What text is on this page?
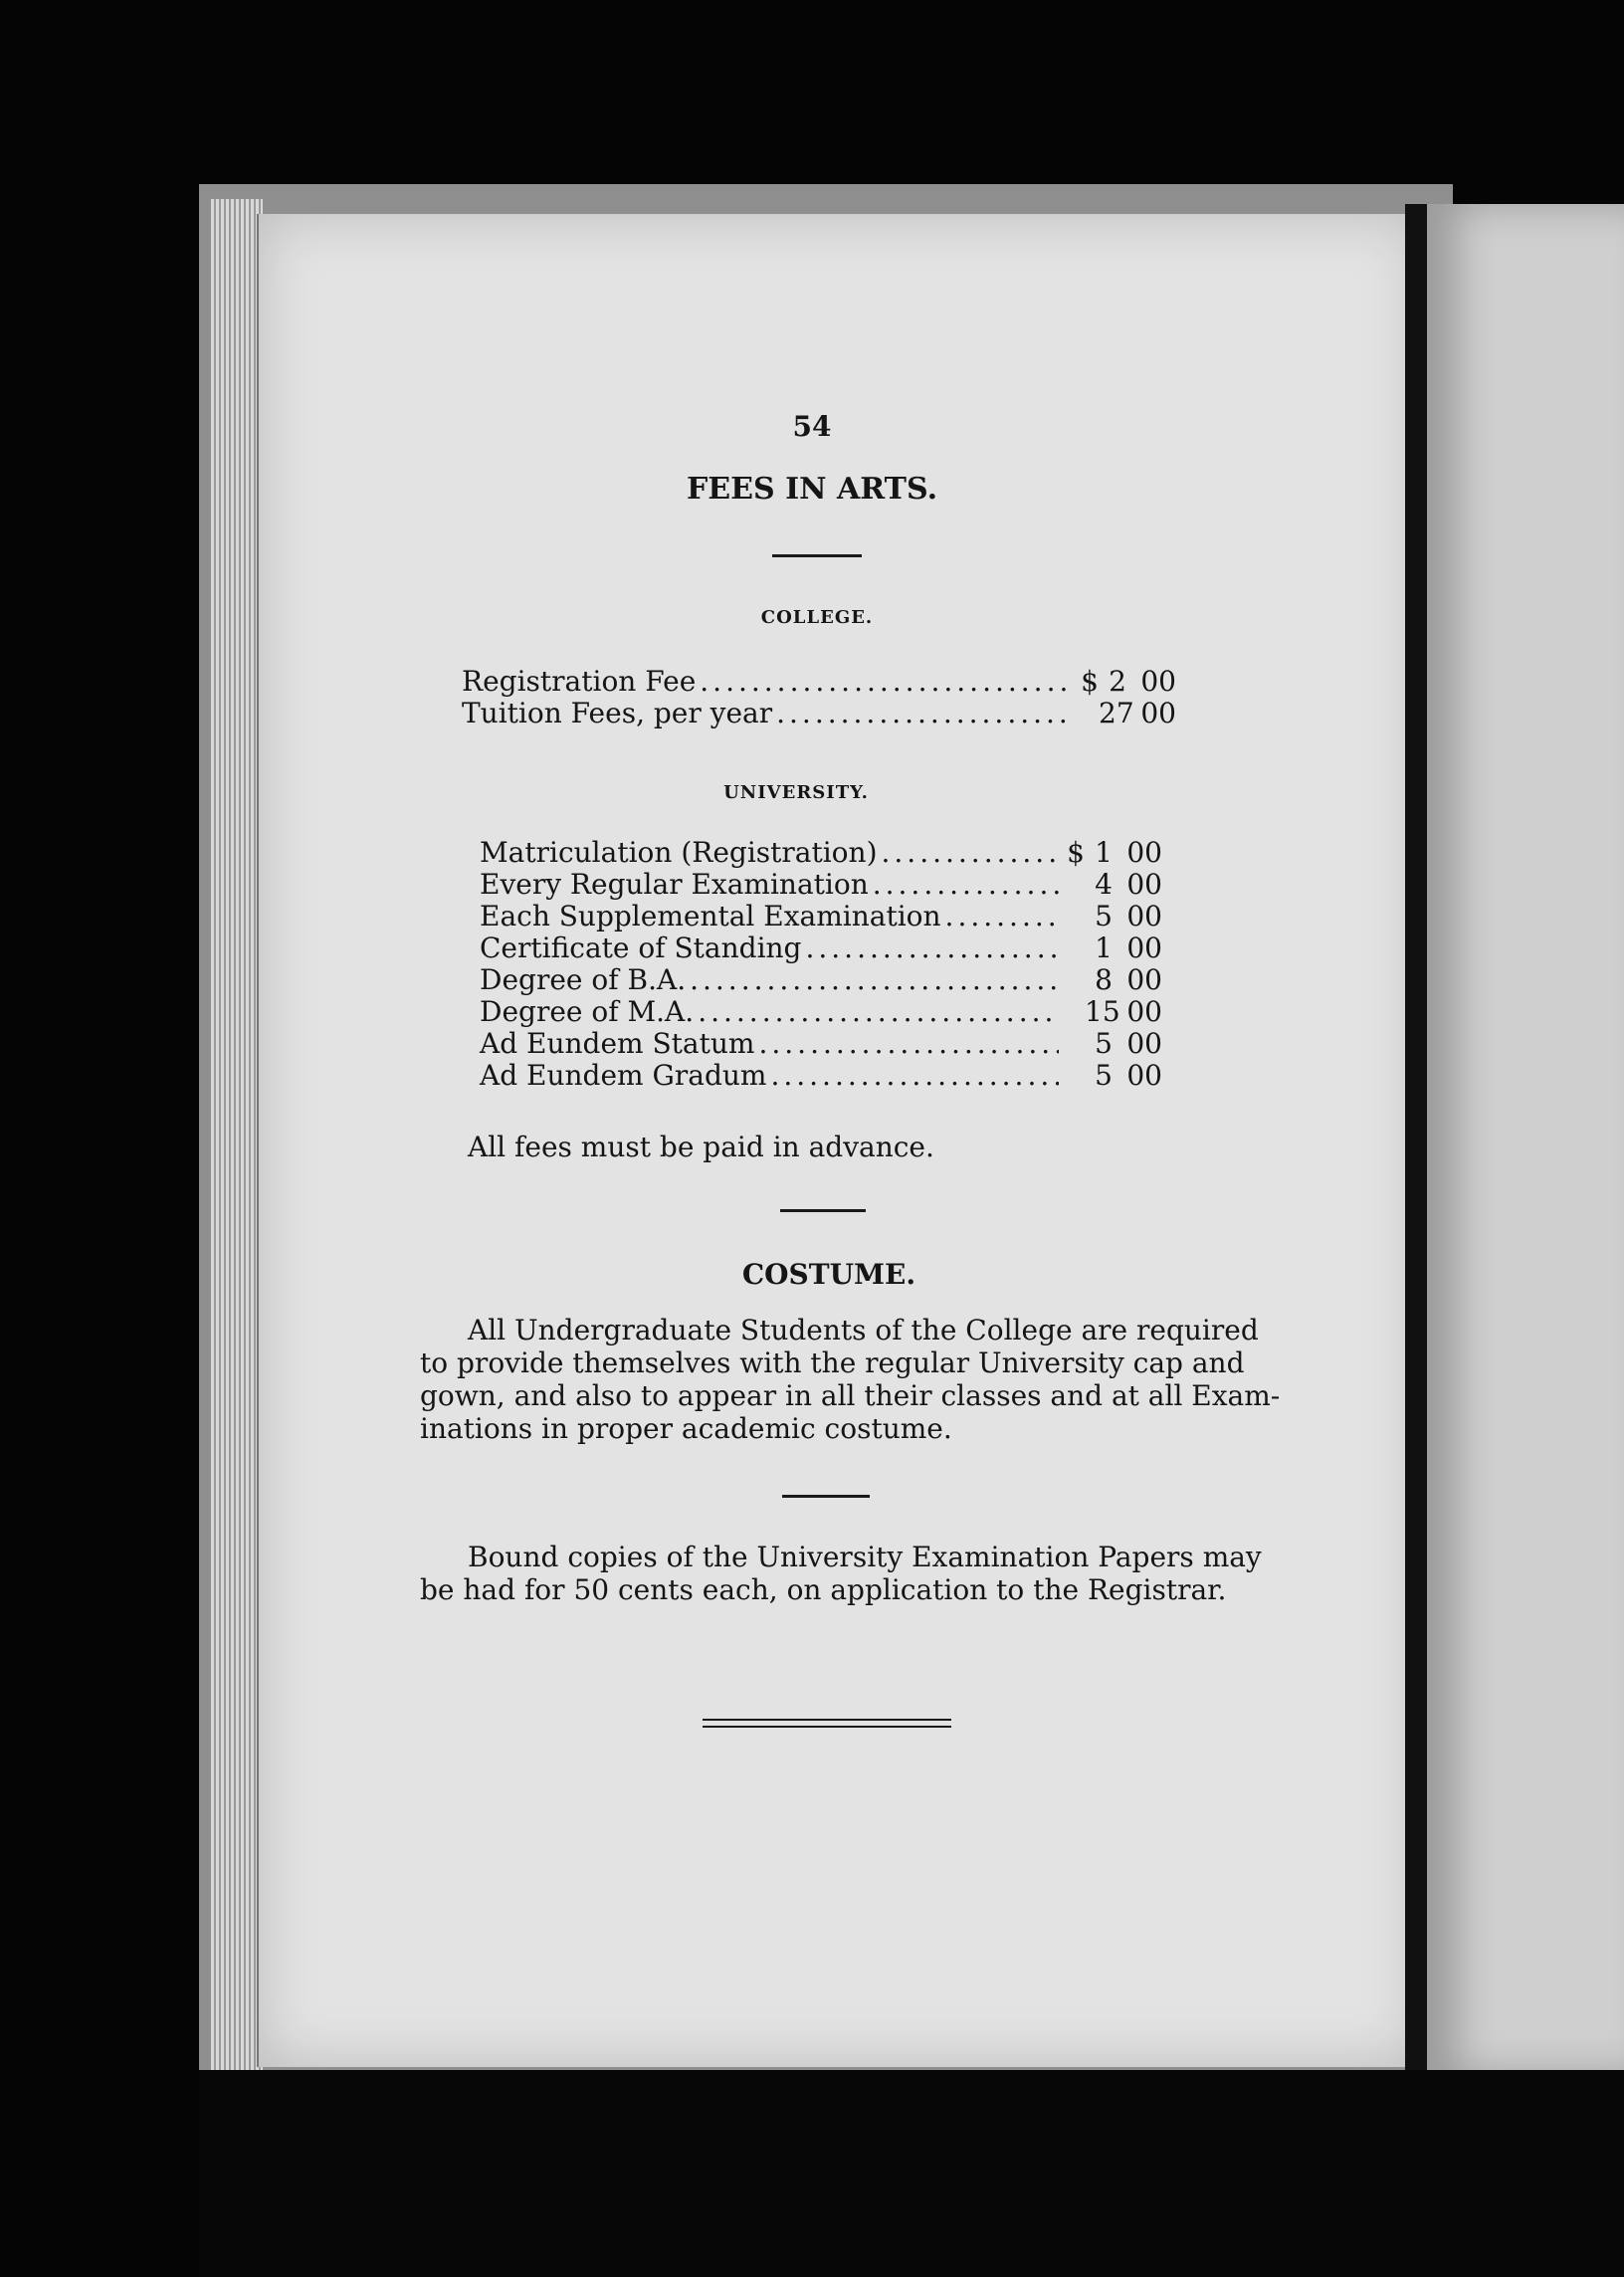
54
FEES IN ARTS.
COLLEGE.
Registration Fee .....	$ 2 00
Tuition Fees, per year .....	27 00
UNIVERSITY.
Matriculation (Registration) .....	$ 1 00
Every Regular Examination .....	4 00
Each Supplemental Examination .....	5 00
Certificate of Standing .....	1 00
Degree of B.A. .....	8 00
Degree of M.A. .....	15 00
Ad Eundem Statum .....	5 00
Ad Eundem Gradum .....	5 00
All fees must be paid in advance.
COSTUME.
All Undergraduate Students of the College are required
to provide themselves with the regular University cap and
gown, and also to appear in all their classes and at all Exam-
inations in proper academic costume.
Bound copies of the University Examination Papers may
be had for 50 cents each, on application to the Registrar.
